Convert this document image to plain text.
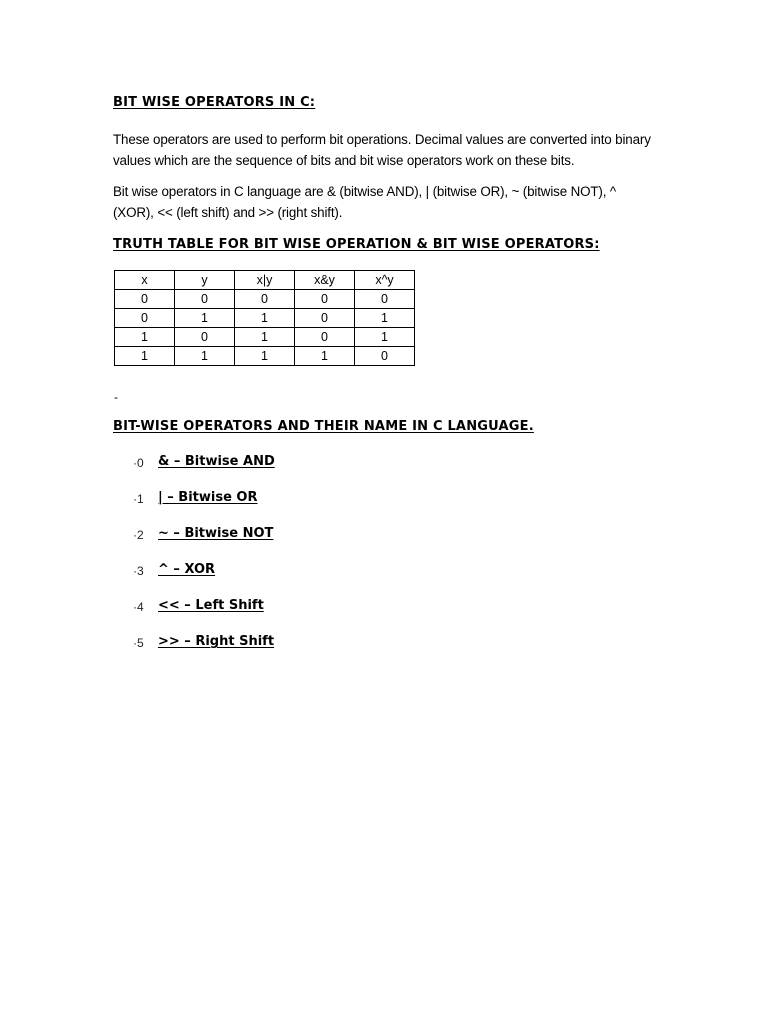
BIT WISE OPERATORS IN C:
These operators are used to perform bit operations. Decimal values are converted into binary values which are the sequence of bits and bit wise operators work on these bits.
Bit wise operators in C language are & (bitwise AND), | (bitwise OR), ~ (bitwise NOT), ^ (XOR), << (left shift) and >> (right shift).
TRUTH TABLE FOR BIT WISE OPERATION & BIT WISE OPERATORS:
x	y	x|y	x&y	x^y
0	0	0	0	0
0	1	1	0	1
1	0	1	0	1
1	1	1	1	0
-
BIT-WISE OPERATORS AND THEIR NAME IN C LANGUAGE.
·0	& – Bitwise AND
·1	| – Bitwise OR
·2	~ – Bitwise NOT
·3	^ – XOR
·4	<< – Left Shift
·5	>> – Right Shift
